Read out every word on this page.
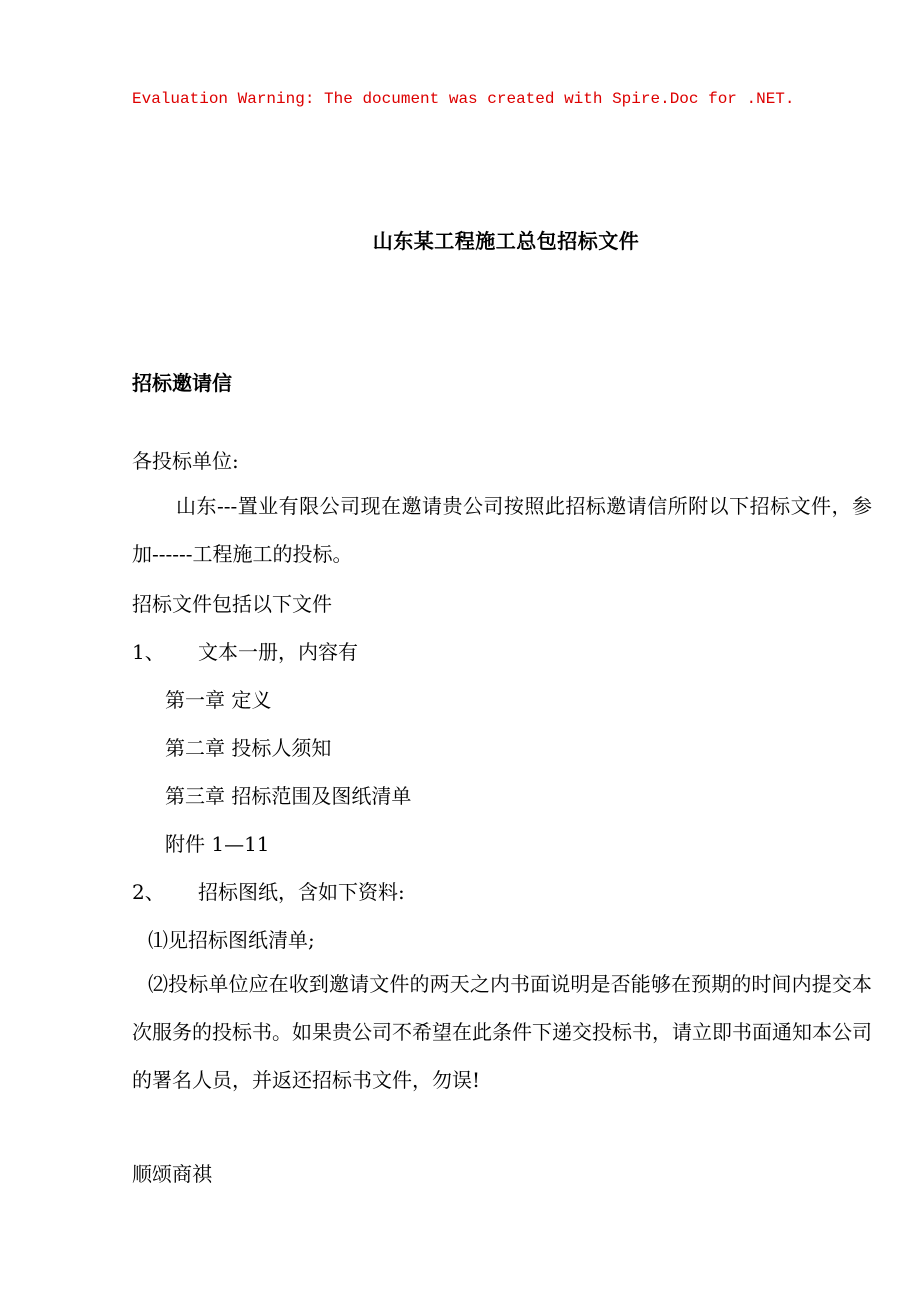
Evaluation Warning: The document was created with Spire.Doc for .NET.
山东某工程施工总包招标文件
招标邀请信
各投标单位:
山东---置业有限公司现在邀请贵公司按照此招标邀请信所附以下招标文件，参加------工程施工的投标。
招标文件包括以下文件
1、 文本一册，内容有
第一章 定义
第二章 投标人须知
第三章 招标范围及图纸清单
附件 1—11
2、 招标图纸，含如下资料:
⑴见招标图纸清单;
⑵投标单位应在收到邀请文件的两天之内书面说明是否能够在预期的时间内提交本次服务的投标书。如果贵公司不希望在此条件下递交投标书，请立即书面通知本公司的署名人员，并返还招标书文件，勿误!
顺颂商祺
